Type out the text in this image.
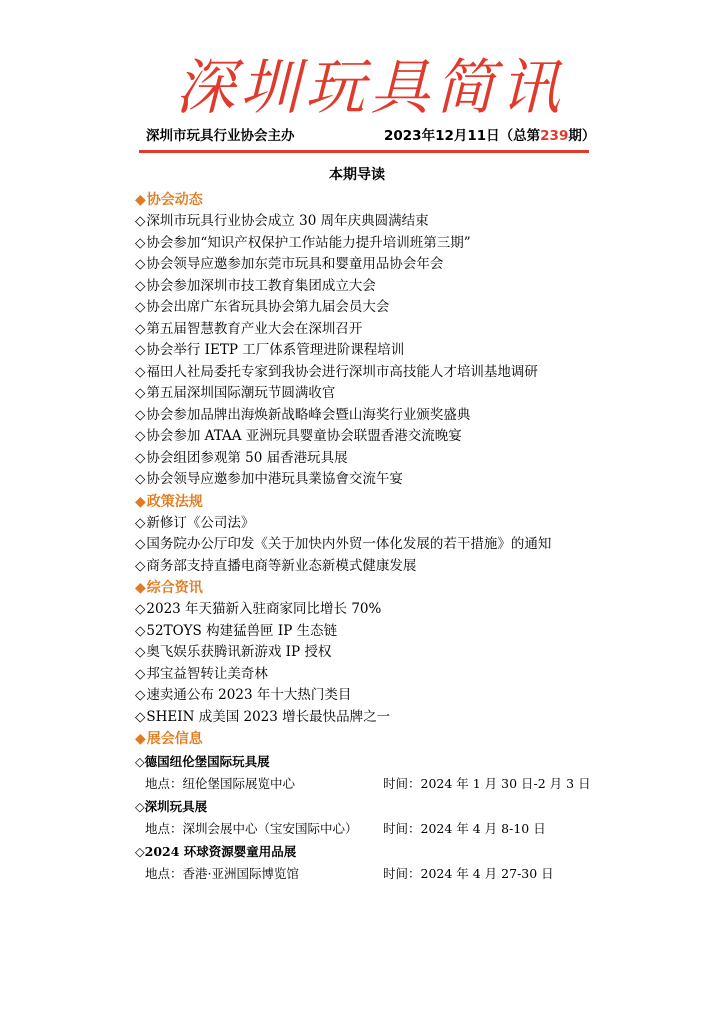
深圳玩具简讯
深圳市玩具行业协会主办	2023年12月11日（总第239期）
本期导读
◆协会动态
◇深圳市玩具行业协会成立 30 周年庆典圆满结束
◇协会参加“知识产权保护工作站能力提升培训班第三期”
◇协会领导应邀参加东莞市玩具和婴童用品协会年会
◇协会参加深圳市技工教育集团成立大会
◇协会出席广东省玩具协会第九届会员大会
◇第五届智慧教育产业大会在深圳召开
◇协会举行 IETP 工厂体系管理进阶课程培训
◇福田人社局委托专家到我协会进行深圳市高技能人才培训基地调研
◇第五届深圳国际潮玩节圆满收官
◇协会参加品牌出海焕新战略峰会暨山海奖行业颁奖盛典
◇协会参加 ATAA 亚洲玩具婴童协会联盟香港交流晚宴
◇协会组团参观第 50 届香港玩具展
◇协会领导应邀参加中港玩具業協會交流午宴
◆政策法规
◇新修订《公司法》
◇国务院办公厅印发《关于加快内外贸一体化发展的若干措施》的通知
◇商务部支持直播电商等新业态新模式健康发展
◆综合资讯
◇2023 年天猫新入驻商家同比增长 70%
◇52TOYS 构建猛兽匣 IP 生态链
◇奥飞娱乐获腾讯新游戏 IP 授权
◇邦宝益智转让美奇林
◇速卖通公布 2023 年十大热门类目
◇SHEIN 成美国 2023 增长最快品牌之一
◆展会信息
◇德国纽伦堡国际玩具展
地点：纽伦堡国际展览中心	时间：2024 年 1 月 30 日-2 月 3 日
◇深圳玩具展
地点：深圳会展中心（宝安国际中心） 时间：2024 年 4 月 8-10 日
◇2024 环球资源婴童用品展
地点：香港·亚洲国际博览馆	时间：2024 年 4 月 27-30 日
